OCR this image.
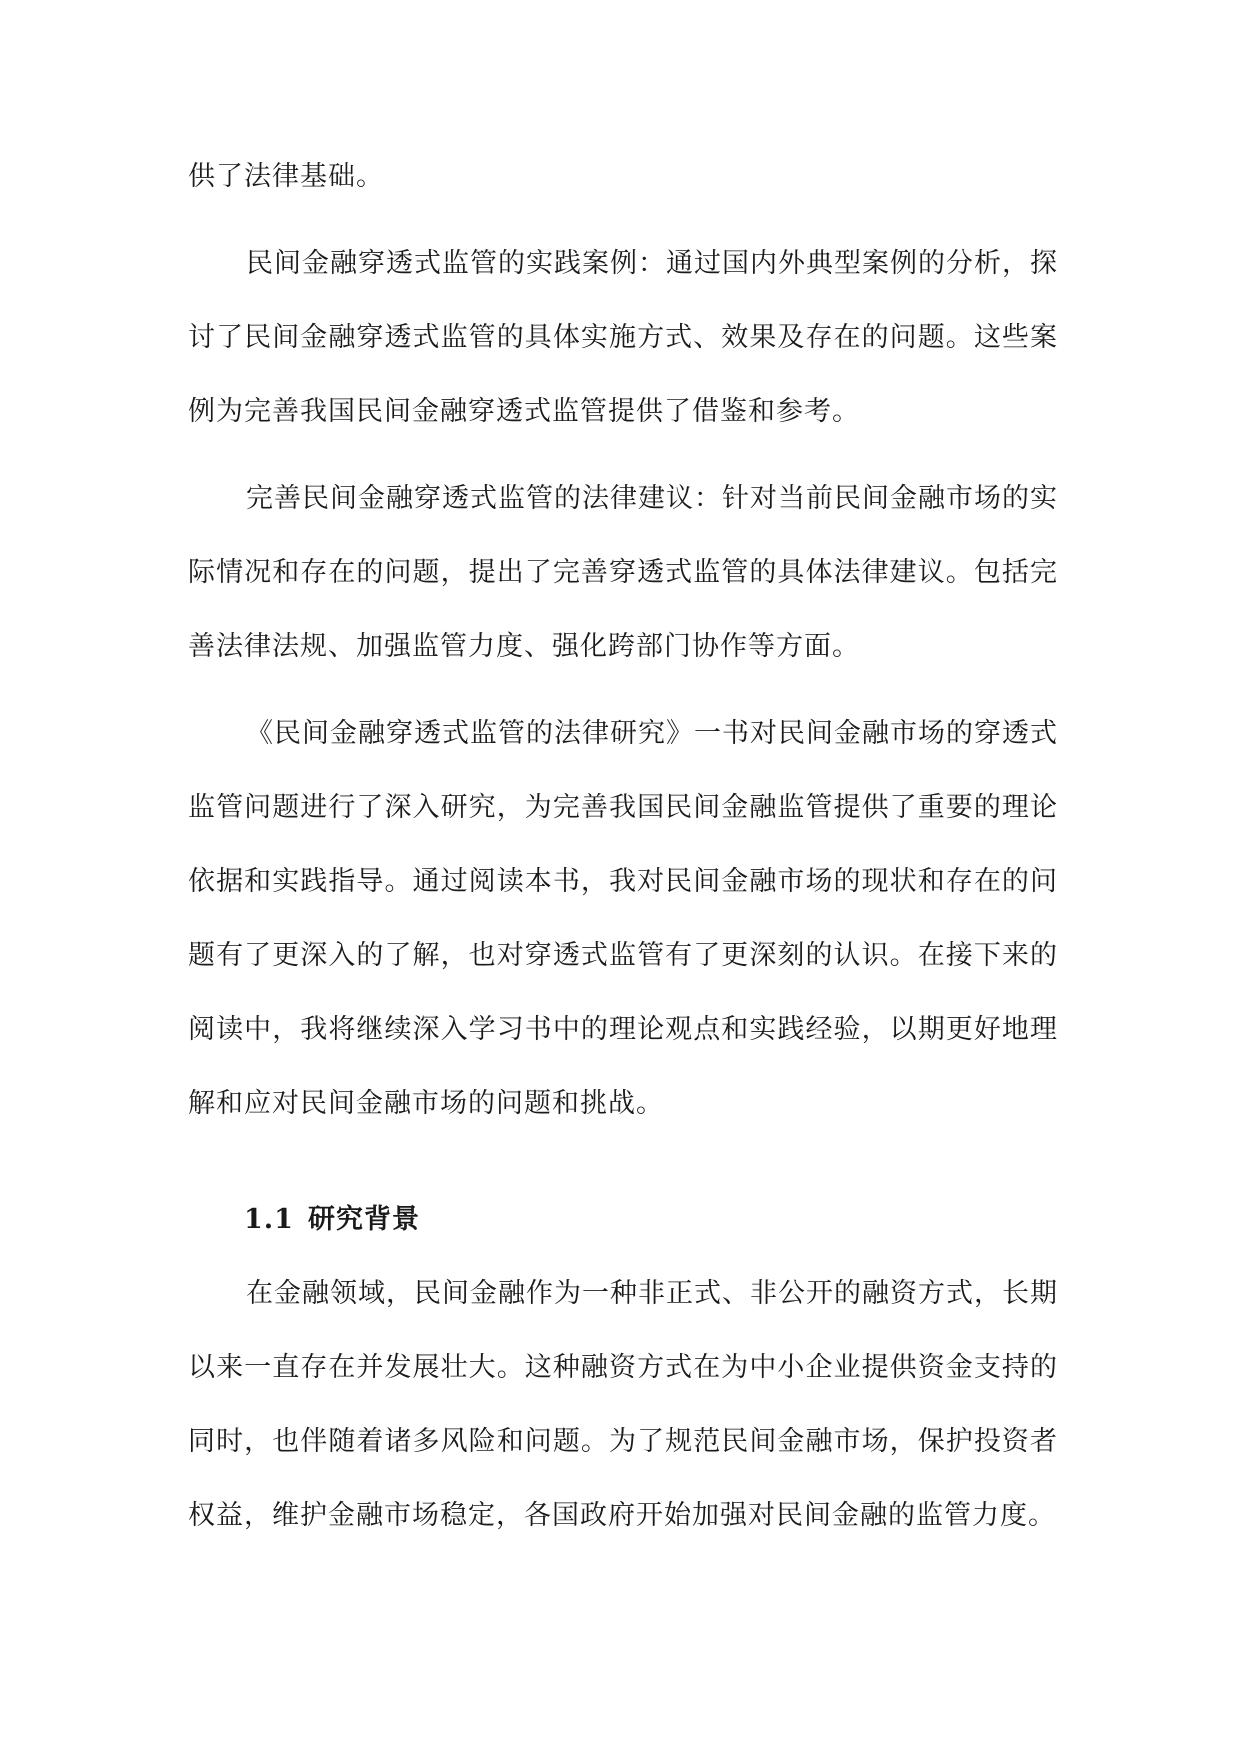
供了法律基础。

民间金融穿透式监管的实践案例：通过国内外典型案例的分析，探讨了民间金融穿透式监管的具体实施方式、效果及存在的问题。这些案例为完善我国民间金融穿透式监管提供了借鉴和参考。

完善民间金融穿透式监管的法律建议：针对当前民间金融市场的实际情况和存在的问题，提出了完善穿透式监管的具体法律建议。包括完善法律法规、加强监管力度、强化跨部门协作等方面。

《民间金融穿透式监管的法律研究》一书对民间金融市场的穿透式监管问题进行了深入研究，为完善我国民间金融监管提供了重要的理论依据和实践指导。通过阅读本书，我对民间金融市场的现状和存在的问题有了更深入的了解，也对穿透式监管有了更深刻的认识。在接下来的阅读中，我将继续深入学习书中的理论观点和实践经验，以期更好地理解和应对民间金融市场的问题和挑战。

1.1 研究背景

在金融领域，民间金融作为一种非正式、非公开的融资方式，长期以来一直存在并发展壮大。这种融资方式在为中小企业提供资金支持的同时，也伴随着诸多风险和问题。为了规范民间金融市场，保护投资者权益，维护金融市场稳定，各国政府开始加强对民间金融的监管力度。
